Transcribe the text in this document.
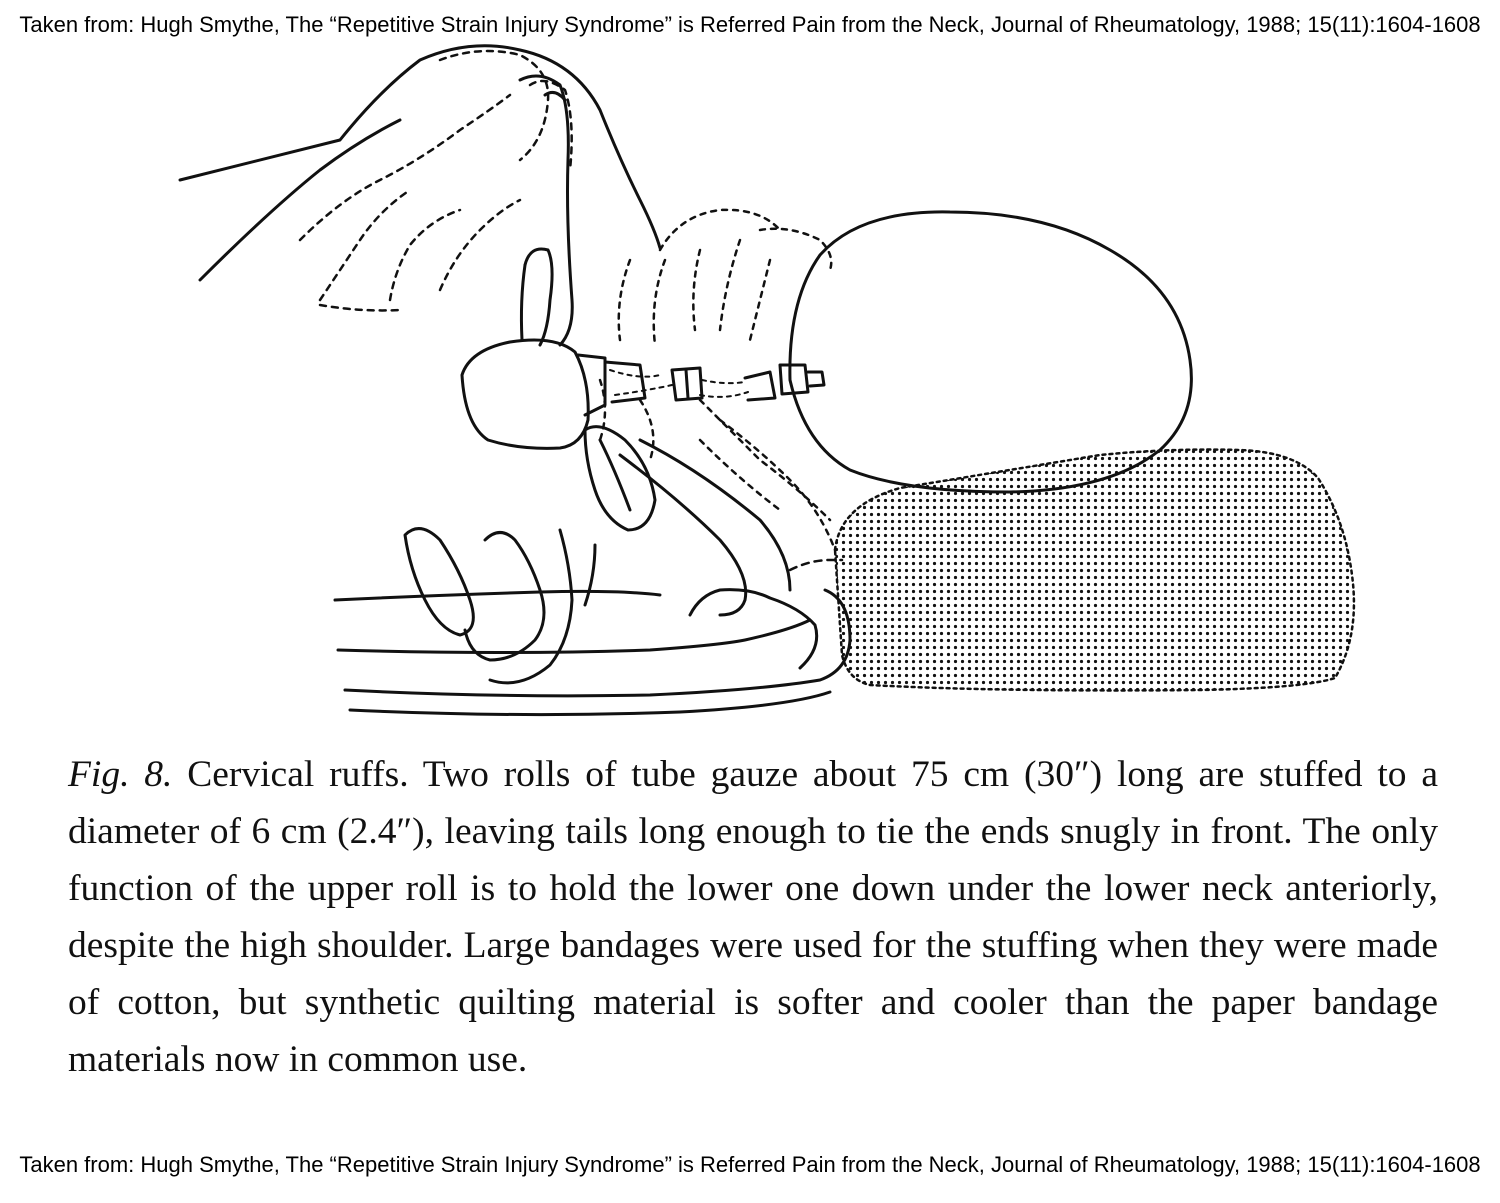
Taken from: Hugh Smythe, The “Repetitive Strain Injury Syndrome” is Referred Pain from the Neck, Journal of Rheumatology, 1988; 15(11):1604-1608
Fig. 8. Cervical ruffs. Two rolls of tube gauze about 75 cm (30″) long are stuffed to a diameter of 6 cm (2.4″), leaving tails long enough to tie the ends snugly in front. The only function of the upper roll is to hold the lower one down under the lower neck anteriorly, despite the high shoulder. Large bandages were used for the stuffing when they were made of cotton, but synthetic quilting material is softer and cooler than the paper bandage materials now in common use.
Taken from: Hugh Smythe, The “Repetitive Strain Injury Syndrome” is Referred Pain from the Neck, Journal of Rheumatology, 1988; 15(11):1604-1608
